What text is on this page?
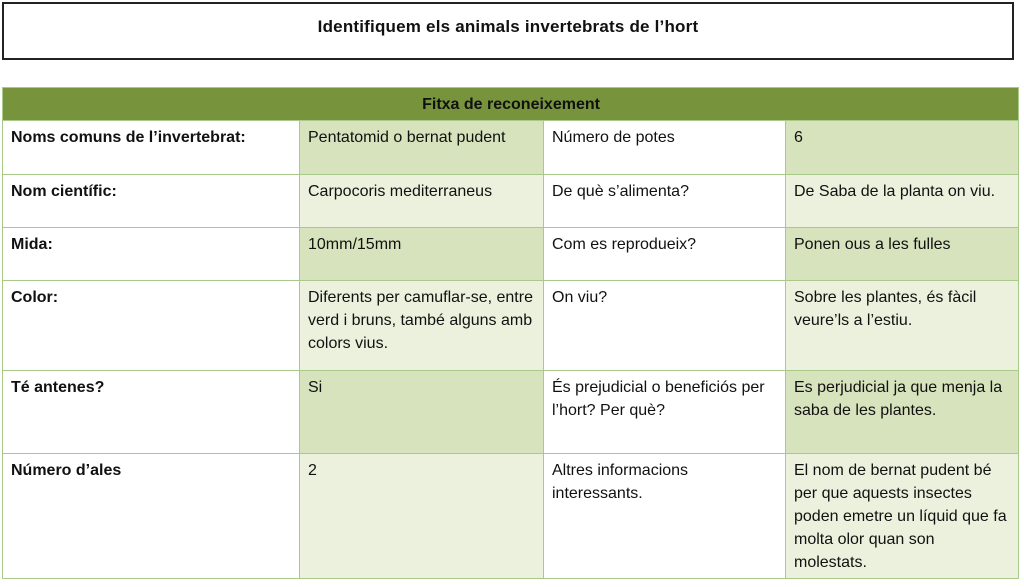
Identifiquem els animals invertebrats de l’hort
Fitxa de reconeixement			
Noms comuns de l’invertebrat:	Pentatomid o bernat pudent	Número de potes	6
Nom científic:	Carpocoris mediterraneus	De què s’alimenta?	De Saba de la planta on viu.
Mida:	10mm/15mm	Com es reprodueix?	Ponen ous a les fulles
Color:	Diferents per camuflar-se, entre verd i bruns, també alguns amb colors vius.	On viu?	Sobre les plantes, és fàcil veure’ls a l’estiu.
Té antenes?	Si	És prejudicial o beneficiós per l’hort? Per què?	Es perjudicial ja que menja la saba de les plantes.
Número d’ales	2	Altres informacions interessants.	El nom de bernat pudent bé per que aquests insectes poden emetre un líquid que fa molta olor quan son molestats.
